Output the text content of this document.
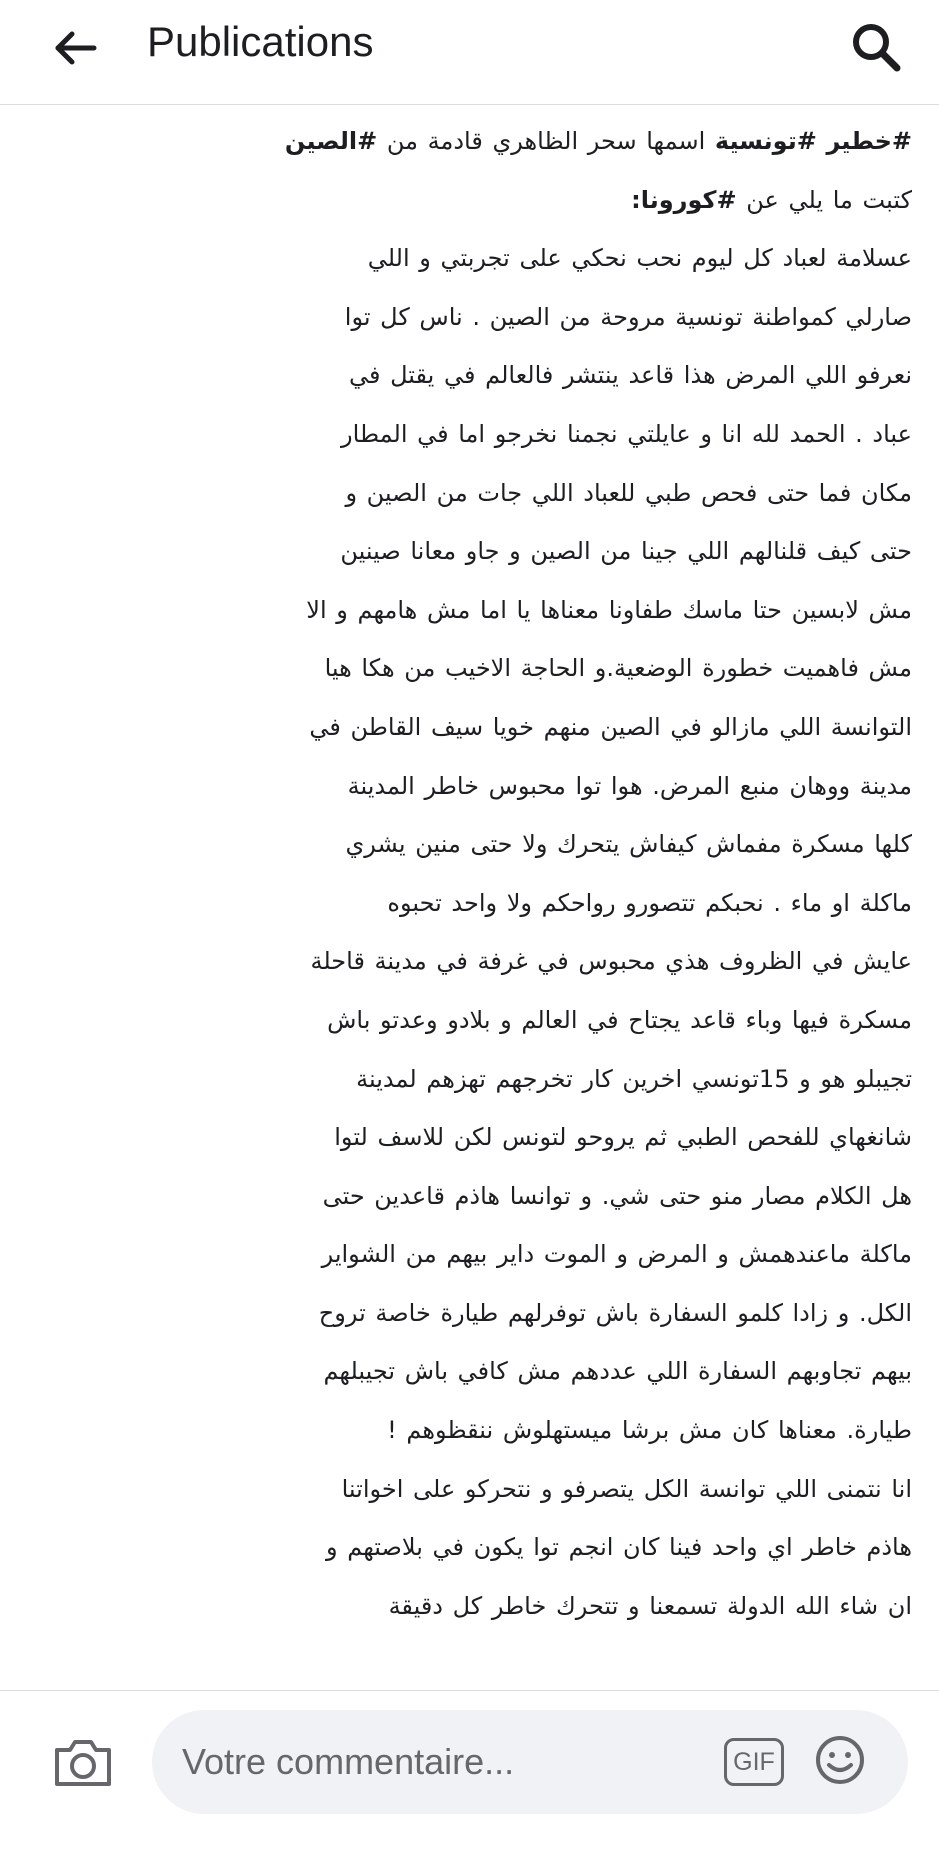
Publications

#خطير #تونسية اسمها سحر الظاهري قادمة من #الصين

كتبت ما يلي عن #كورونا:

عسلامة لعباد كل ليوم نحب نحكي على تجربتي و اللي

صارلي كمواطنة تونسية مروحة من الصين . ناس كل توا

نعرفو اللي المرض هذا قاعد ينتشر فالعالم في يقتل في

عباد . الحمد لله انا و عايلتي نجمنا نخرجو اما في المطار

مكان فما حتى فحص طبي للعباد اللي جات من الصين و

حتى كيف قلنالهم اللي جينا من الصين و جاو معانا صينين

مش لابسين حتا ماسك طفاونا معناها يا اما مش هامهم و الا

مش فاهميت خطورة الوضعية.و الحاجة الاخيب من هكا هيا

التوانسة اللي مازالو في الصين منهم خويا سيف القاطن في

مدينة ووهان منبع المرض. هوا توا محبوس خاطر المدينة

كلها مسكرة مفماش كيفاش يتحرك ولا حتى منين يشري

ماكلة او ماء . نحبكم تتصورو رواحكم ولا واحد تحبوه

عايش في الظروف هذي محبوس في غرفة في مدينة قاحلة

مسكرة فيها وباء قاعد يجتاح في العالم و بلادو وعدتو باش

تجيبلو هو و 15تونسي اخرين كار تخرجهم تهزهم لمدينة

شانغهاي للفحص الطبي ثم يروحو لتونس لكن للاسف لتوا

هل الكلام مصار منو حتى شي. و توانسا هاذم قاعدين حتى

ماكلة ماعندهمش و المرض و الموت داير بيهم من الشواير

الكل. و زادا كلمو السفارة باش توفرلهم طيارة خاصة تروح

بيهم تجاوبهم السفارة اللي عددهم مش كافي باش تجيبلهم

طيارة. معناها كان مش برشا ميستهلوش ننقظوهم !

انا نتمنى اللي توانسة الكل يتصرفو و نتحركو على اخواتنا

هاذم خاطر اي واحد فينا كان انجم توا يكون في بلاصتهم و

ان شاء الله الدولة تسمعنا و تتحرك خاطر كل دقيقة

Votre commentaire...
GIF
